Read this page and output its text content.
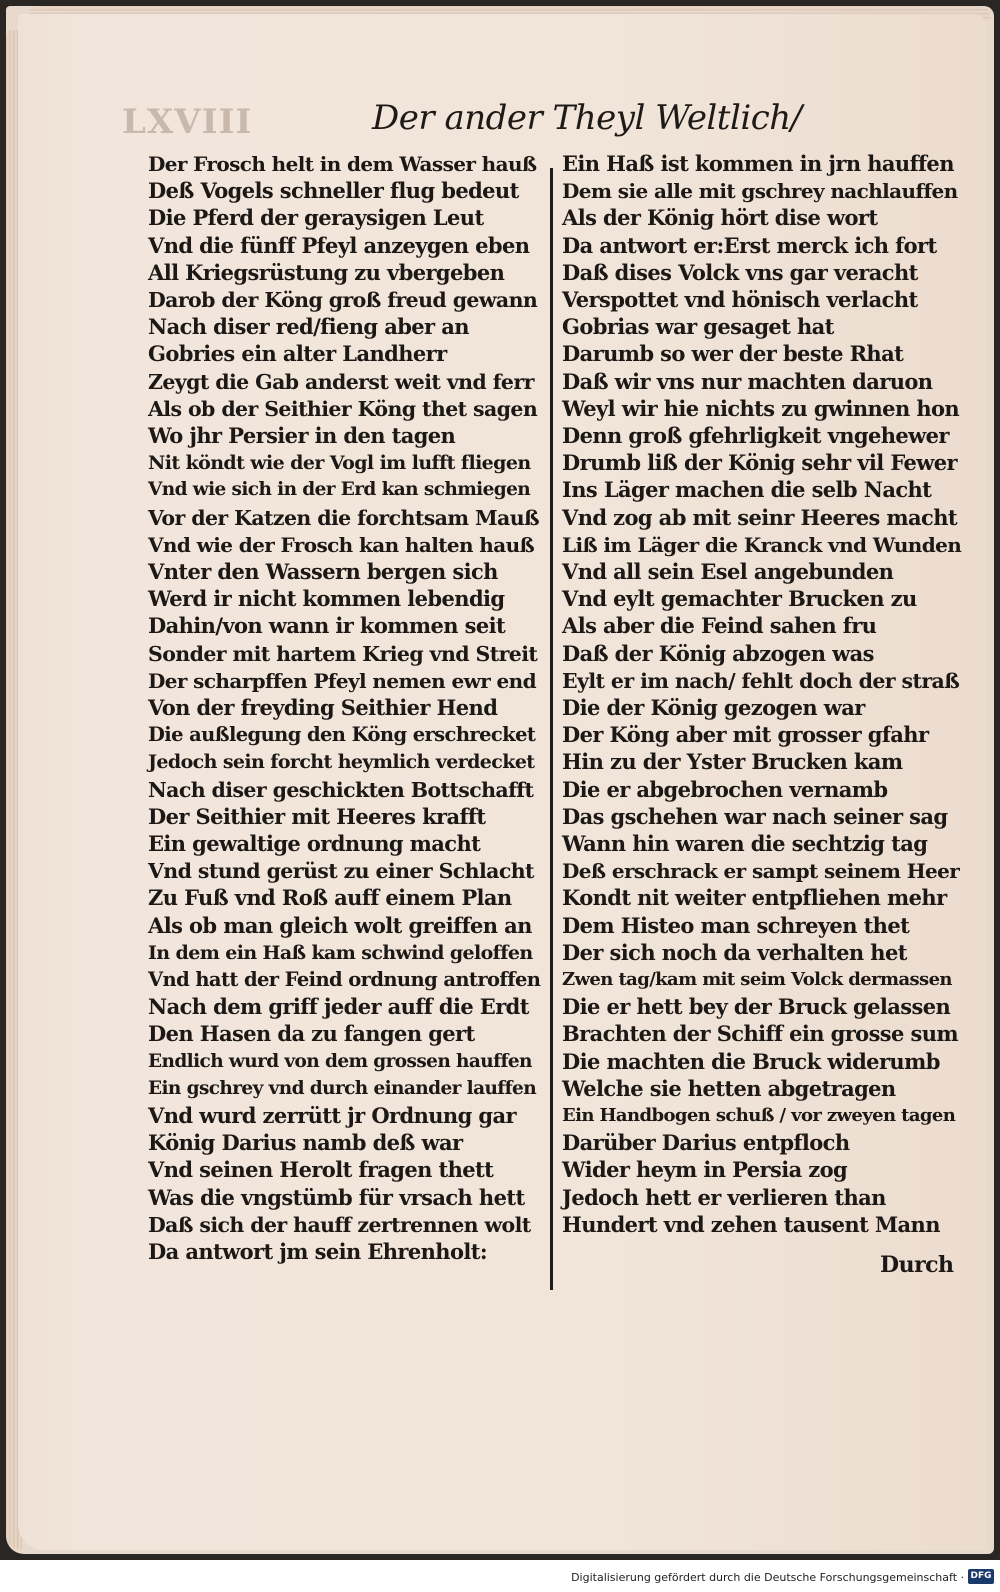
LXVIII	Der ander Theyl Weltlich/
Der Frosch helt in dem Wasser hauß
Deß Vogels schneller flug bedeut
Die Pferd der geraysigen Leut
Vnd die fünff Pfeyl anzeygen eben
All Kriegsrüstung zu vbergeben
Darob der Köng groß freud gewann
Nach diser red/fieng aber an
Gobries ein alter Landherr
Zeygt die Gab anderst weit vnd ferr
Als ob der Seithier Köng thet sagen
Wo jhr Persier in den tagen
Nit köndt wie der Vogl im lufft fliegen
Vnd wie sich in der Erd kan schmiegen
Vor der Katzen die forchtsam Mauß
Vnd wie der Frosch kan halten hauß
Vnter den Wassern bergen sich
Werd ir nicht kommen lebendig
Dahin/von wann ir kommen seit
Sonder mit hartem Krieg vnd Streit
Der scharpffen Pfeyl nemen ewr end
Von der freyding Seithier Hend
Die außlegung den Köng erschrecket
Jedoch sein forcht heymlich verdecket
Nach diser geschickten Bottschafft
Der Seithier mit Heeres krafft
Ein gewaltige ordnung macht
Vnd stund gerüst zu einer Schlacht
Zu Fuß vnd Roß auff einem Plan
Als ob man gleich wolt greiffen an
In dem ein Haß kam schwind geloffen
Vnd hatt der Feind ordnung antroffen
Nach dem griff jeder auff die Erdt
Den Hasen da zu fangen gert
Endlich wurd von dem grossen hauffen
Ein gschrey vnd durch einander lauffen
Vnd wurd zerrütt jr Ordnung gar
König Darius namb deß war
Vnd seinen Herolt fragen thett
Was die vngstümb für vrsach hett
Daß sich der hauff zertrennen wolt
Da antwort jm sein Ehrenholt:
Ein Haß ist kommen in jrn hauffen
Dem sie alle mit gschrey nachlauffen
Als der König hört dise wort
Da antwort er:Erst merck ich fort
Daß dises Volck vns gar veracht
Verspottet vnd hönisch verlacht
Gobrias war gesaget hat
Darumb so wer der beste Rhat
Daß wir vns nur machten daruon
Weyl wir hie nichts zu gwinnen hon
Denn groß gfehrligkeit vngehewer
Drumb liß der König sehr vil Fewer
Ins Läger machen die selb Nacht
Vnd zog ab mit seinr Heeres macht
Liß im Läger die Kranck vnd Wunden
Vnd all sein Esel angebunden
Vnd eylt gemachter Brucken zu
Als aber die Feind sahen fru
Daß der König abzogen was
Eylt er im nach/ fehlt doch der straß
Die der König gezogen war
Der Köng aber mit grosser gfahr
Hin zu der Yster Brucken kam
Die er abgebrochen vernamb
Das gschehen war nach seiner sag
Wann hin waren die sechtzig tag
Deß erschrack er sampt seinem Heer
Kondt nit weiter entpfliehen mehr
Dem Histeo man schreyen thet
Der sich noch da verhalten het
Zwen tag/kam mit seim Volck dermassen
Die er hett bey der Bruck gelassen
Brachten der Schiff ein grosse sum
Die machten die Bruck widerumb
Welche sie hetten abgetragen
Ein Handbogen schuß / vor zweyen tagen
Darüber Darius entpfloch
Wider heym in Persia zog
Jedoch hett er verlieren than
Hundert vnd zehen tausent Mann
Durch
Digitalisierung gefördert durch die Deutsche Forschungsgemeinschaft · DFG
